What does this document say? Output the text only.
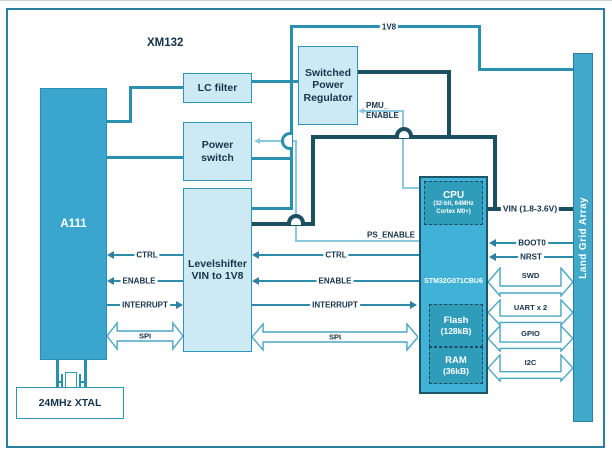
XM132
A111
LC filter
Power
switch
Levelshifter
VIN to 1V8
Switched
Power
Regulator
STM32G071CBU6
CPU
(32-bit, 64MHz
Cortex M0+)
Flash
(128kB)
RAM
(36kB)
Land Grid Array
24MHz XTAL
SPI	SPI
SWD
UART x 2
GPIO
I2C
1V8
VIN (1.8-3.6V)
PMU_
ENABLE
PS_ENABLE
CTRL
ENABLE
INTERRUPT
CTRL
ENABLE
INTERRUPT
BOOT0
NRST
